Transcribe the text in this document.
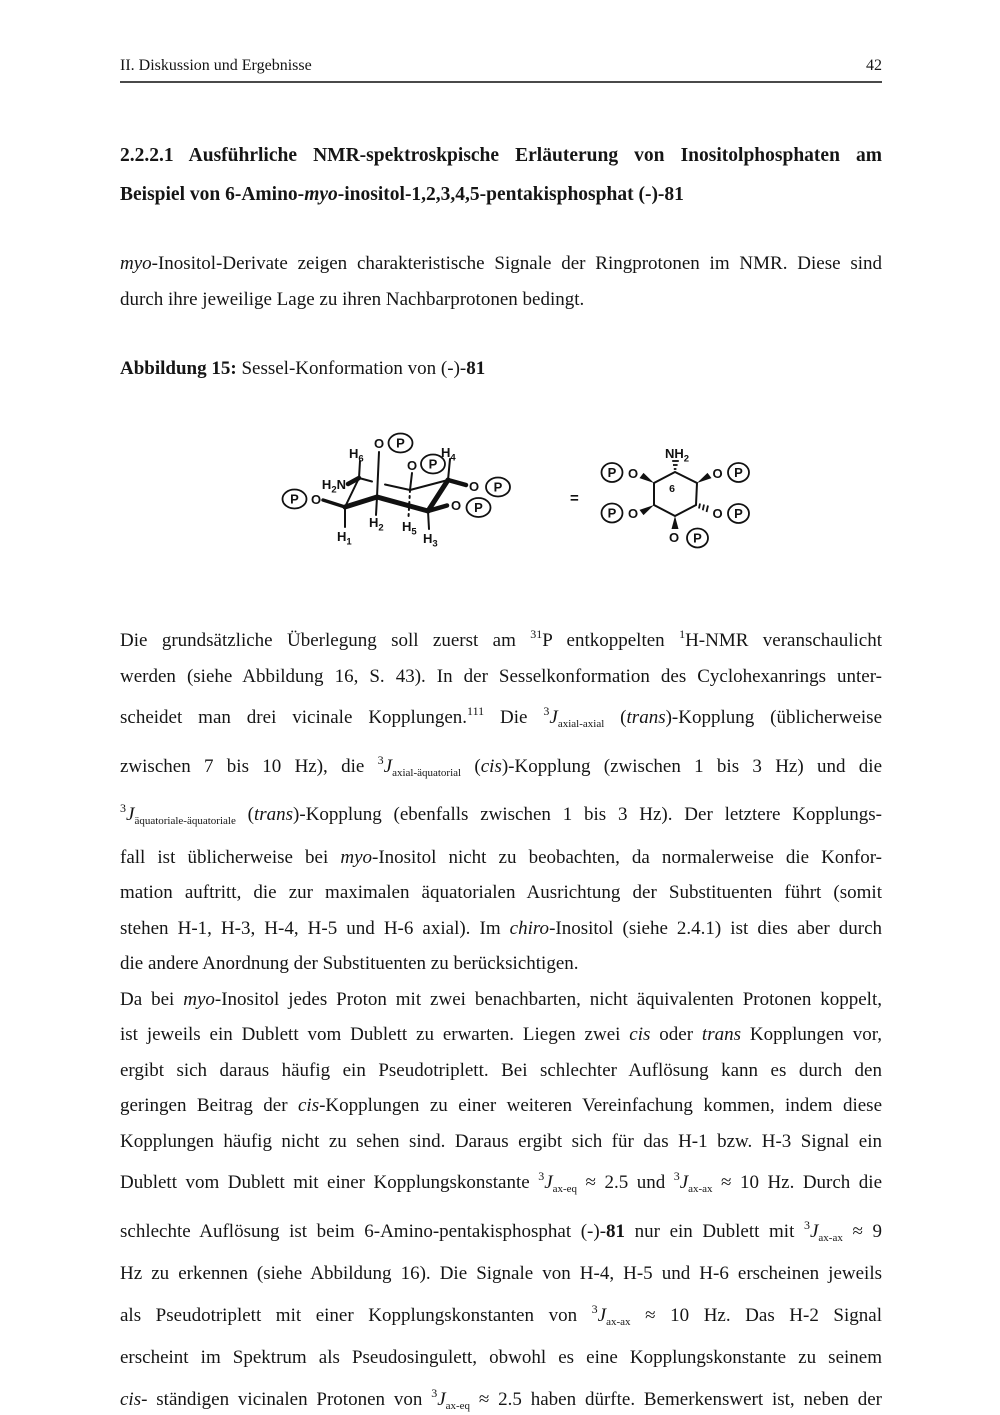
II. Diskussion und Ergebnisse	42
2.2.2.1 Ausführliche NMR-spektroskpische Erläuterung von Inositolphosphaten am
Beispiel von 6-Amino-myo-inositol-1,2,3,4,5-pentakisphosphat (-)-81
myo-Inositol-Derivate zeigen charakteristische Signale der Ringprotonen im NMR. Diese sind
durch ihre jeweilige Lage zu ihren Nachbarprotonen bedingt.
Abbildung 15: Sessel-Konformation von (-)-81
O P
O P
$H_6$	$H_4$
$H_2N$
O
P
O P
O P
$H_1$
$H_2$ $H_5$ $H_3$
=
$NH_2$
6
O
P	O P
O
P	O P
O P
Die grundsätzliche Überlegung soll zuerst am $^{31}$P entkoppelten $^1$H-NMR veranschaulicht
werden (siehe Abbildung 16, S. 43). In der Sesselkonformation des Cyclohexanrings unter-
scheidet man drei vicinale Kopplungen.$^{111}$ Die $^3J_{axial-axial}$ (trans)-Kopplung (üblicherweise
zwischen 7 bis 10 Hz), die $^3J_{axial-äquatorial}$ (cis)-Kopplung (zwischen 1 bis 3 Hz) und die
$^3J_{äquatoriale-äquatoriale}$ (trans)-Kopplung (ebenfalls zwischen 1 bis 3 Hz). Der letztere Kopplungs-
fall ist üblicherweise bei myo-Inositol nicht zu beobachten, da normalerweise die Konfor-
mation auftritt, die zur maximalen äquatorialen Ausrichtung der Substituenten führt (somit
stehen H-1, H-3, H-4, H-5 und H-6 axial). Im chiro-Inositol (siehe 2.4.1) ist dies aber durch
die andere Anordnung der Substituenten zu berücksichtigen.
Da bei myo-Inositol jedes Proton mit zwei benachbarten, nicht äquivalenten Protonen koppelt,
ist jeweils ein Dublett vom Dublett zu erwarten. Liegen zwei cis oder trans Kopplungen vor,
ergibt sich daraus häufig ein Pseudotriplett. Bei schlechter Auflösung kann es durch den
geringen Beitrag der cis-Kopplungen zu einer weiteren Vereinfachung kommen, indem diese
Kopplungen häufig nicht zu sehen sind. Daraus ergibt sich für das H-1 bzw. H-3 Signal ein
Dublett vom Dublett mit einer Kopplungskonstante $^3J_{ax-eq} \approx 2.5$ und $^3J_{ax-ax} \approx 10$ Hz. Durch die
schlechte Auflösung ist beim 6-Amino-pentakisphosphat (-)-81 nur ein Dublett mit $^3J_{ax-ax} \approx 9$
Hz zu erkennen (siehe Abbildung 16). Die Signale von H-4, H-5 und H-6 erscheinen jeweils
als Pseudotriplett mit einer Kopplungskonstanten von $^3J_{ax-ax} \approx 10$ Hz. Das H-2 Signal
erscheint im Spektrum als Pseudosingulett, obwohl es eine Kopplungskonstante zu seinem
cis- ständigen vicinalen Protonen von $^3J_{ax-eq} \approx 2.5$ haben dürfte. Bemerkenswert ist, neben der
